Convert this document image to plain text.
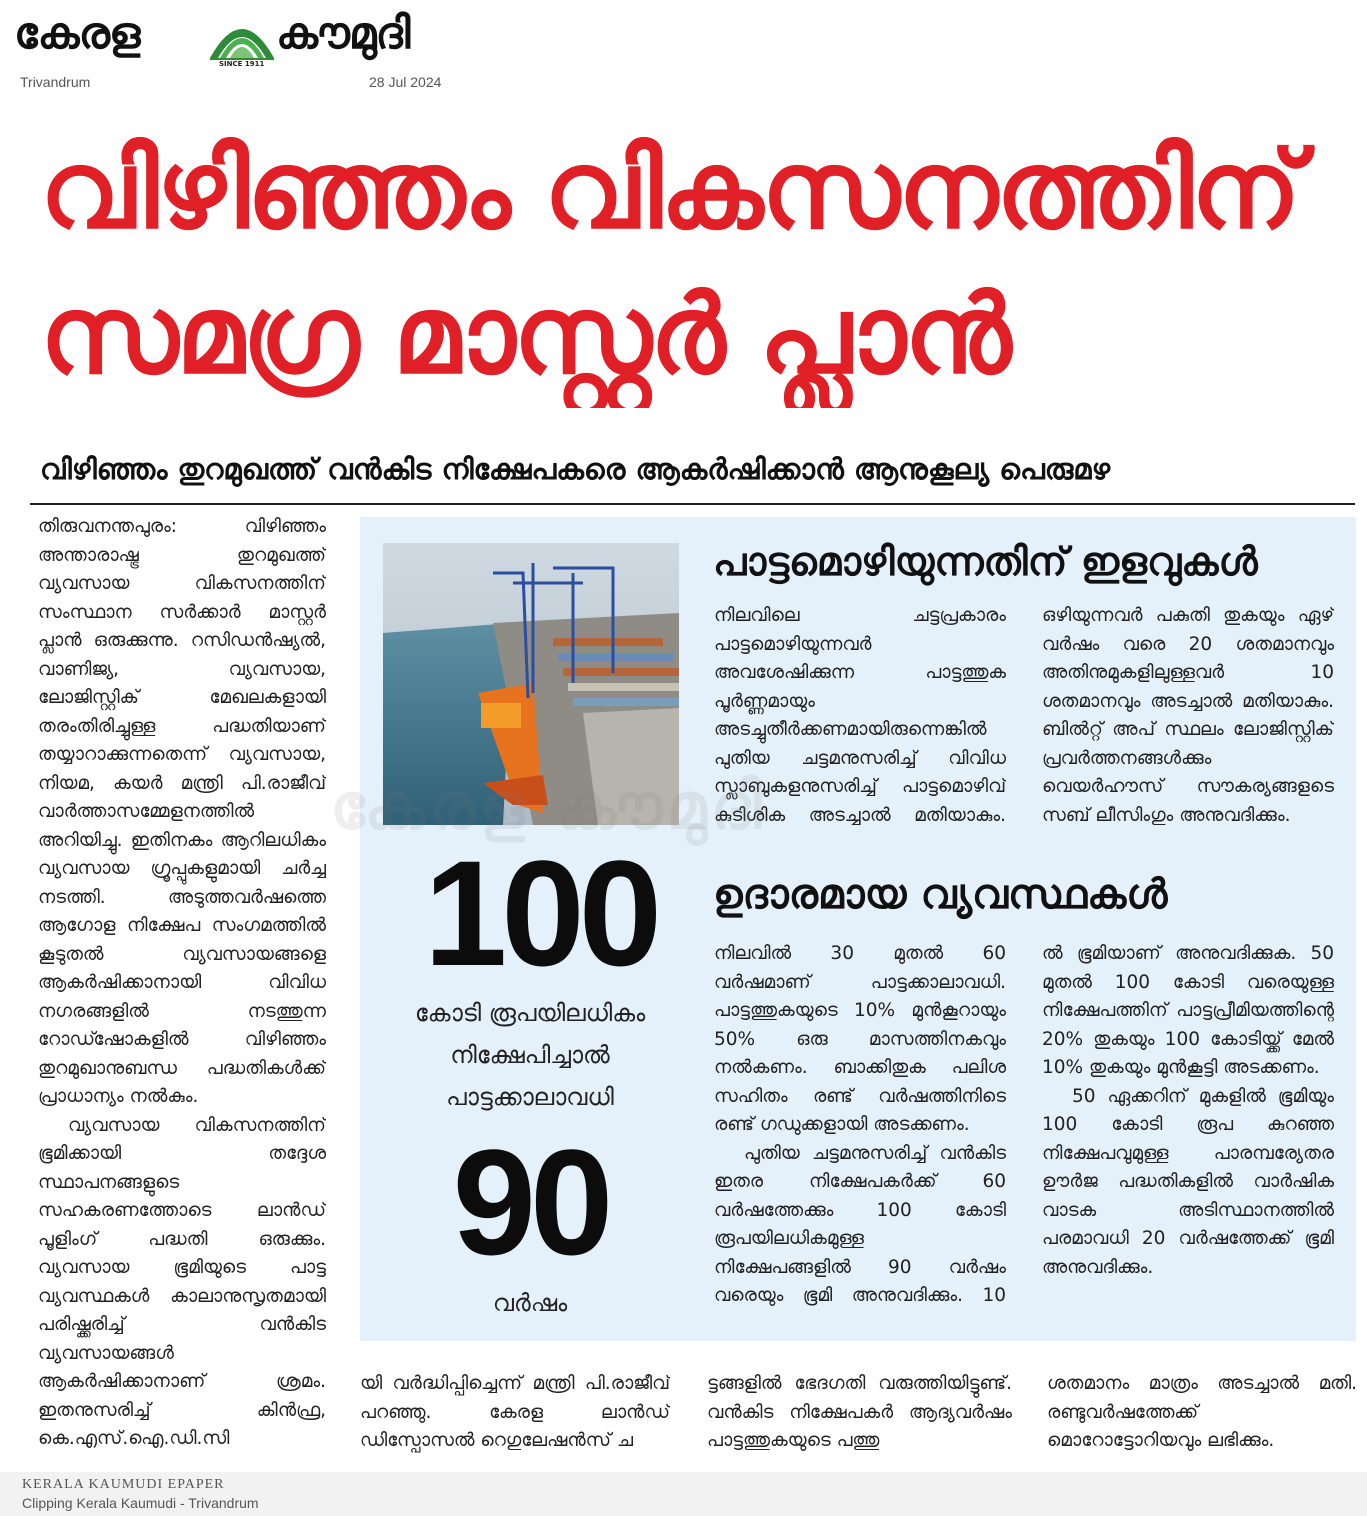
കേരള
SINCE 1911
കൗമുദി
Trivandrum	28 Jul 2024
വിഴിഞ്ഞം വികസനത്തിന്
സമഗ്ര മാസ്റ്റർ പ്ലാൻ
വിഴിഞ്ഞം തുറമുഖത്ത് വൻകിട നിക്ഷേപകരെ ആകർഷിക്കാൻ ആനുകൂല്യ പെരുമഴ

തിരുവനന്തപുരം: വിഴിഞ്ഞം അന്താരാഷ്ട്ര തുറമുഖത്ത് വ്യവസായ വികസനത്തിന് സംസ്ഥാന സർക്കാർ മാസ്റ്റർ പ്ലാൻ ഒരുക്കുന്നു. റസിഡൻഷ്യൽ, വാണിജ്യ, വ്യവസായ, ലോജിസ്റ്റിക് മേഖലകളായി തരംതിരിച്ചുള്ള പദ്ധതിയാണ് തയ്യാറാക്കുന്നതെന്ന് വ്യവസായ, നിയമ, കയർ മന്ത്രി പി.രാജീവ് വാർത്താസമ്മേളനത്തിൽ അറിയിച്ചു. ഇതിനകം ആറിലധികം വ്യവസായ ഗ്രൂപ്പുകളുമായി ചർച്ച നടത്തി. അടുത്തവർഷത്തെ ആഗോള നിക്ഷേപ സംഗമത്തിൽ കൂടുതൽ വ്യവസായങ്ങളെ ആകർഷിക്കാനായി വിവിധ നഗരങ്ങളിൽ നടത്തുന്ന റോഡ്ഷോകളിൽ വിഴിഞ്ഞം തുറമുഖാനുബന്ധ പദ്ധതികൾക്ക് പ്രാധാന്യം നൽകും.

വ്യവസായ വികസനത്തിന് ഭൂമിക്കായി തദ്ദേശ സ്ഥാപനങ്ങളുടെ സഹകരണത്തോടെ ലാൻഡ് പൂളിംഗ് പദ്ധതി ഒരുക്കും. വ്യവസായ ഭൂമിയുടെ പാട്ട വ്യവസ്ഥകൾ കാലാനുസൃതമായി പരിഷ്ക്കരിച്ച് വൻകിട വ്യവസായങ്ങൾ ആകർഷിക്കാനാണ് ശ്രമം. ഇതനുസരിച്ച് കിൻഫ്ര, കെ.എസ്.ഐ.ഡി.സി

100
കോടി രൂപയിലധികം
നിക്ഷേപിച്ചാൽ
പാട്ടക്കാലാവധി
90
വർഷം
പാട്ടമൊഴിയുന്നതിന് ഇളവുകൾ
നിലവിലെ ചട്ടപ്രകാരം പാട്ടമൊഴിയുന്നവർ അവശേഷിക്കുന്ന പാട്ടത്തുക പൂർണ്ണമായും അടച്ചുതീർക്കണമായിരുന്നെങ്കിൽ പുതിയ ചട്ടമനുസരിച്ച് വിവിധ സ്ലാബുകളനുസരിച്ച് പാട്ടമൊഴിവ് കുടിശിക അടച്ചാൽ മതിയാകും.
ഒഴിയുന്നവർ പകുതി തുകയും ഏഴ് വർഷം വരെ 20 ശതമാനവും അതിനുമുകളിലുള്ളവർ 10 ശതമാനവും അടച്ചാൽ മതിയാകും. ബിൽറ്റ് അപ് സ്ഥലം ലോജിസ്റ്റിക് പ്രവർത്തനങ്ങൾക്കും വെയർഹൗസ് സൗകര്യങ്ങളടെ സബ് ലീസിംഗും അനുവദിക്കും.
കേരള കൗമുദി
ഉദാരമായ വ്യവസ്ഥകൾ

നിലവിൽ 30 മുതൽ 60 വർഷമാണ് പാട്ടക്കാലാവധി. പാട്ടത്തുകയുടെ 10% മുൻകൂറായും 50% ഒരു മാസത്തിനകവും നൽകണം. ബാക്കിതുക പലിശ സഹിതം രണ്ട് വർഷത്തിനിടെ രണ്ട് ഗഡുക്കളായി അടക്കണം.

പുതിയ ചട്ടമനുസരിച്ച് വൻകിട ഇതര നിക്ഷേപകർക്ക് 60 വർഷത്തേക്കും 100 കോടി രൂപയിലധികമുള്ള നിക്ഷേപങ്ങളിൽ 90 വർഷം വരെയും ഭൂമി അനുവദിക്കും. 10

ൽ ഭൂമിയാണ് അനുവദിക്കുക. 50 മുതൽ 100 കോടി വരെയുള്ള നിക്ഷേപത്തിന് പാട്ടപ്രീമിയത്തിന്റെ 20% തുകയും 100 കോടിയ്ക്ക് മേൽ 10% തുകയും മുൻകൂട്ടി അടക്കണം.

50 ഏക്കറിന് മുകളിൽ ഭൂമിയും 100 കോടി രൂപ കുറഞ്ഞ നിക്ഷേപവുമുള്ള പാരമ്പര്യേതര ഊർജ പദ്ധതികളിൽ വാർഷിക വാടക അടിസ്ഥാനത്തിൽ പരമാവധി 20 വർഷത്തേക്ക് ഭൂമി അനുവദിക്കും.

യി വർദ്ധിപ്പിച്ചെന്ന് മന്ത്രി പി.രാജീവ് പറഞ്ഞു. കേരള ലാൻഡ് ഡിസ്പോസൽ റെഗുലേഷൻസ് ച
ട്ടങ്ങളിൽ ഭേദഗതി വരുത്തിയിട്ടുണ്ട്. വൻകിട നിക്ഷേപകർ ആദ്യവർഷം പാട്ടത്തുകയുടെ പത്തു
ശതമാനം മാത്രം അടച്ചാൽ മതി. രണ്ടുവർഷത്തേക്ക് മൊറോട്ടോറിയവും ലഭിക്കും.
KERALA KAUMUDI EPAPER
Clipping Kerala Kaumudi - Trivandrum
